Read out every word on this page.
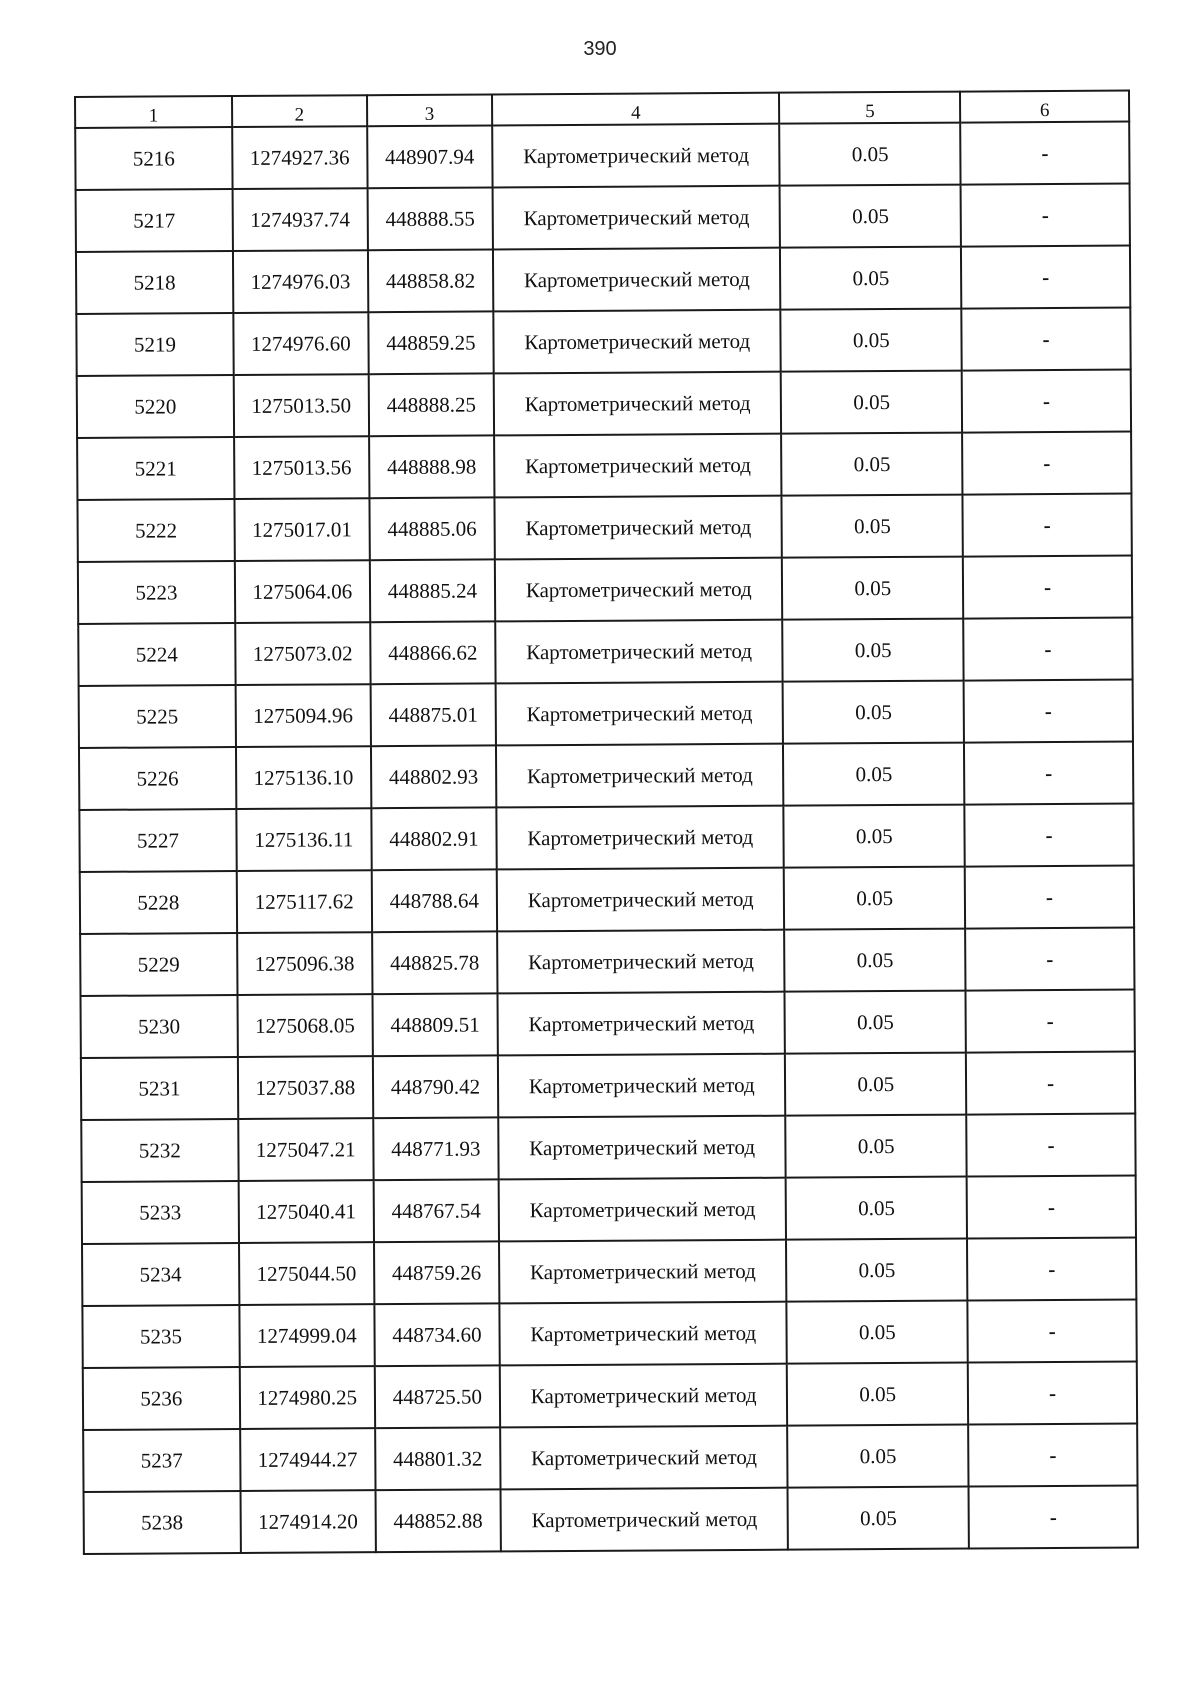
390
1	2	3	4	5	6
5216	1274927.36	448907.94	Картометрический метод	0.05	-
5217	1274937.74	448888.55	Картометрический метод	0.05	-
5218	1274976.03	448858.82	Картометрический метод	0.05	-
5219	1274976.60	448859.25	Картометрический метод	0.05	-
5220	1275013.50	448888.25	Картометрический метод	0.05	-
5221	1275013.56	448888.98	Картометрический метод	0.05	-
5222	1275017.01	448885.06	Картометрический метод	0.05	-
5223	1275064.06	448885.24	Картометрический метод	0.05	-
5224	1275073.02	448866.62	Картометрический метод	0.05	-
5225	1275094.96	448875.01	Картометрический метод	0.05	-
5226	1275136.10	448802.93	Картометрический метод	0.05	-
5227	1275136.11	448802.91	Картометрический метод	0.05	-
5228	1275117.62	448788.64	Картометрический метод	0.05	-
5229	1275096.38	448825.78	Картометрический метод	0.05	-
5230	1275068.05	448809.51	Картометрический метод	0.05	-
5231	1275037.88	448790.42	Картометрический метод	0.05	-
5232	1275047.21	448771.93	Картометрический метод	0.05	-
5233	1275040.41	448767.54	Картометрический метод	0.05	-
5234	1275044.50	448759.26	Картометрический метод	0.05	-
5235	1274999.04	448734.60	Картометрический метод	0.05	-
5236	1274980.25	448725.50	Картометрический метод	0.05	-
5237	1274944.27	448801.32	Картометрический метод	0.05	-
5238	1274914.20	448852.88	Картометрический метод	0.05	-
